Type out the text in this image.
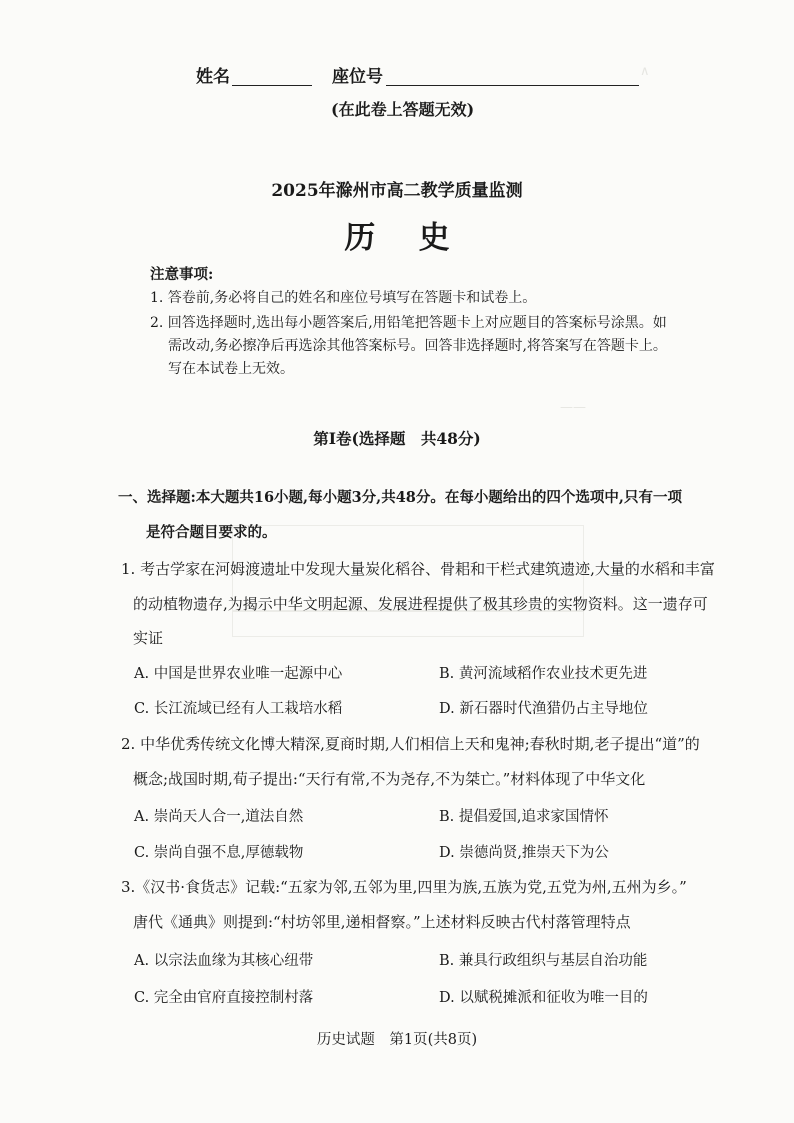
∧
——
姓名	座位号
(在此卷上答题无效)
2025年滁州市高二教学质量监测
历    史
注意事项:
1. 答卷前,务必将自己的姓名和座位号填写在答题卡和试卷上。
2. 回答选择题时,选出每小题答案后,用铅笔把答题卡上对应题目的答案标号涂黑。如
需改动,务必擦净后再选涂其他答案标号。回答非选择题时,将答案写在答题卡上。
写在本试卷上无效。
第Ⅰ卷(选择题　共48分)
一、选择题:本大题共16小题,每小题3分,共48分。在每小题给出的四个选项中,只有一项
是符合题目要求的。
1. 考古学家在河姆渡遗址中发现大量炭化稻谷、骨耜和干栏式建筑遗迹,大量的水稻和丰富
的动植物遗存,为揭示中华文明起源、发展进程提供了极其珍贵的实物资料。这一遗存可
实证
A. 中国是世界农业唯一起源中心	B. 黄河流域稻作农业技术更先进
C. 长江流域已经有人工栽培水稻	D. 新石器时代渔猎仍占主导地位
2. 中华优秀传统文化博大精深,夏商时期,人们相信上天和鬼神;春秋时期,老子提出“道”的
概念;战国时期,荀子提出:“天行有常,不为尧存,不为桀亡。”材料体现了中华文化
A. 崇尚天人合一,道法自然	B. 提倡爱国,追求家国情怀
C. 崇尚自强不息,厚德载物	D. 崇德尚贤,推崇天下为公
3.《汉书·食货志》记载:“五家为邻,五邻为里,四里为族,五族为党,五党为州,五州为乡。”
唐代《通典》则提到:“村坊邻里,递相督察。”上述材料反映古代村落管理特点
A. 以宗法血缘为其核心纽带	B. 兼具行政组织与基层自治功能
C. 完全由官府直接控制村落	D. 以赋税摊派和征收为唯一目的
历史试题　第1页(共8页)
